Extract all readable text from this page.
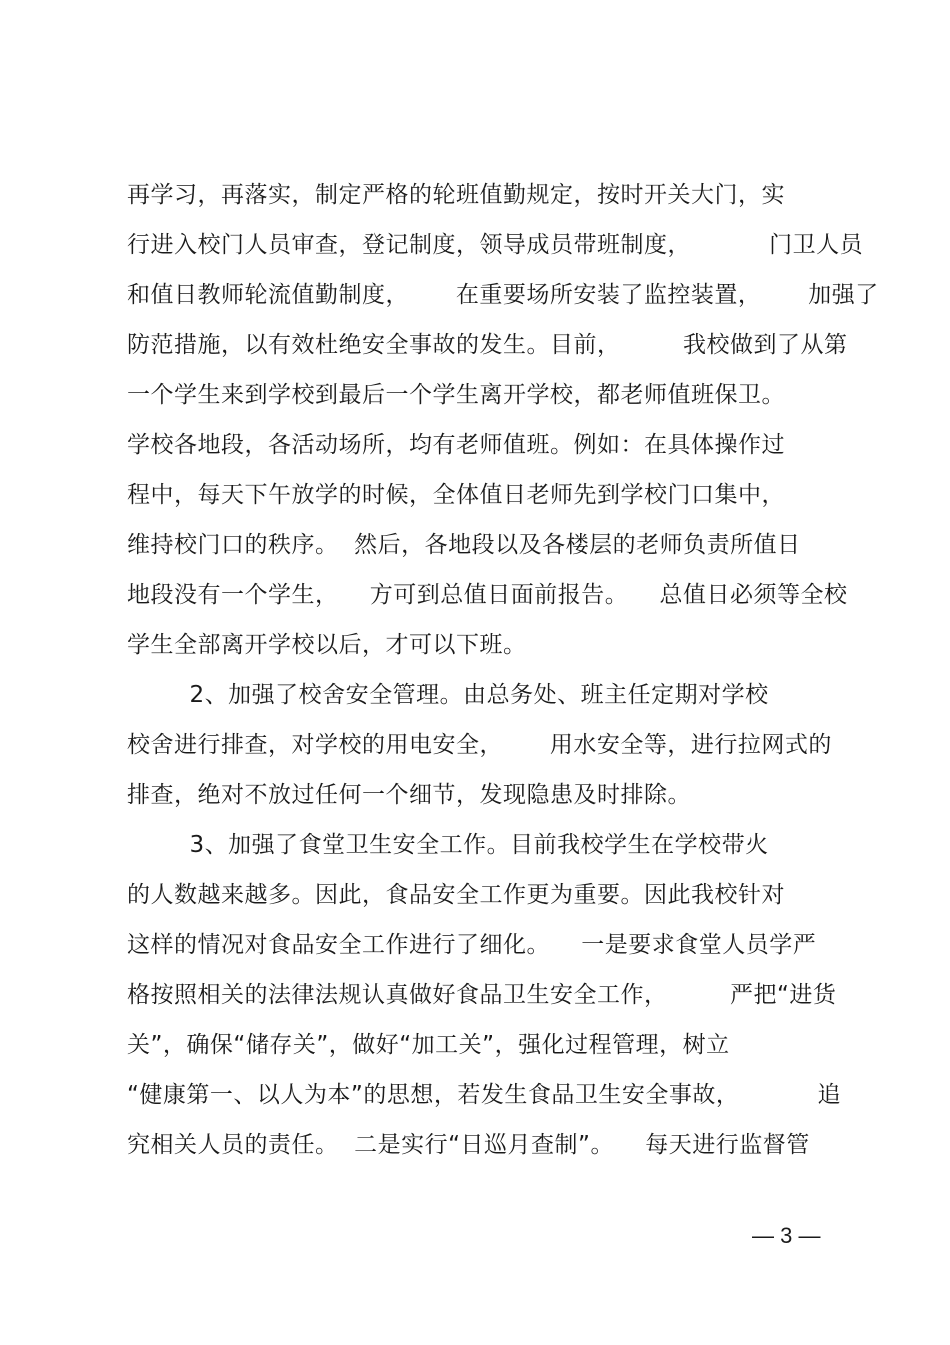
再学习，再落实，制定严格的轮班值勤规定，按时开关大门，实
行进入校门人员审查，登记制度，领导成员带班制度，          门卫人员
和值日教师轮流值勤制度，      在重要场所安装了监控装置，      加强了
防范措施，以有效杜绝安全事故的发生。目前，        我校做到了从第
一个学生来到学校到最后一个学生离开学校，都老师值班保卫。
学校各地段，各活动场所，均有老师值班。例如：在具体操作过
程中，每天下午放学的时候，全体值日老师先到学校门口集中，
维持校门口的秩序。  然后，各地段以及各楼层的老师负责所值日
地段没有一个学生，    方可到总值日面前报告。    总值日必须等全校
学生全部离开学校以后，才可以下班。
2、加强了校舍安全管理。由总务处、班主任定期对学校
校舍进行排查，对学校的用电安全，      用水安全等，进行拉网式的
排查，绝对不放过任何一个细节，发现隐患及时排除。
3、加强了食堂卫生安全工作。目前我校学生在学校带火
的人数越来越多。因此，食品安全工作更为重要。因此我校针对
这样的情况对食品安全工作进行了细化。    一是要求食堂人员学严
格按照相关的法律法规认真做好食品卫生安全工作，        严把“进货
关”，确保“储存关”，做好“加工关”，强化过程管理，树立
“健康第一、以人为本”的思想，若发生食品卫生安全事故，          追
究相关人员的责任。  二是实行“日巡月查制”。    每天进行监督管
— 3 —
